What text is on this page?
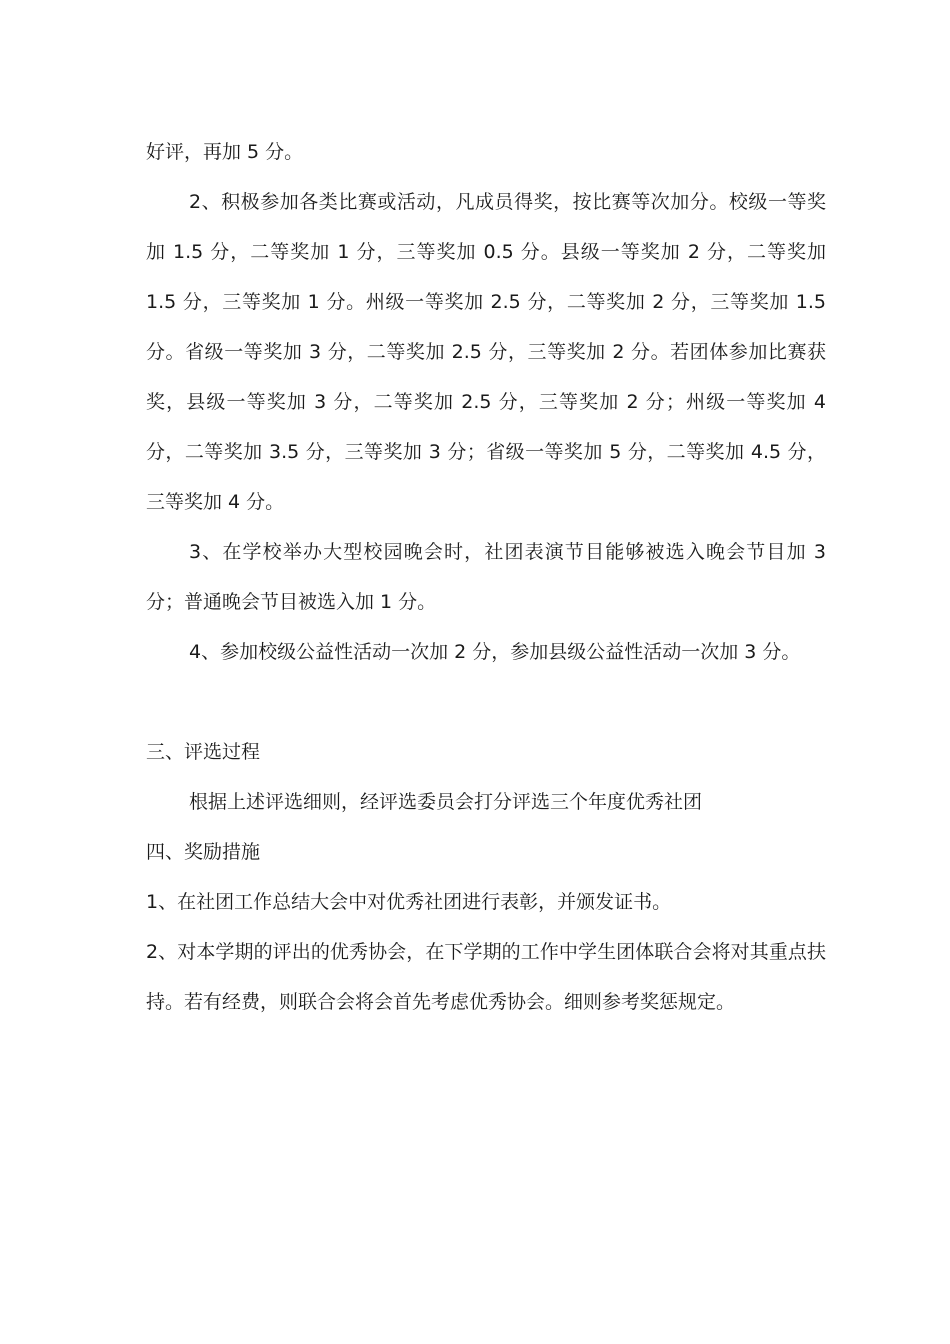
好评，再加 5 分。

2、积极参加各类比赛或活动，凡成员得奖，按比赛等次加分。校级一等奖加 1.5 分，二等奖加 1 分，三等奖加 0.5 分。县级一等奖加 2 分，二等奖加 1.5 分，三等奖加 1 分。州级一等奖加 2.5 分，二等奖加 2 分，三等奖加 1.5 分。省级一等奖加 3 分，二等奖加 2.5 分，三等奖加 2 分。若团体参加比赛获奖，县级一等奖加 3 分，二等奖加 2.5 分，三等奖加 2 分；州级一等奖加 4 分，二等奖加 3.5 分，三等奖加 3 分；省级一等奖加 5 分，二等奖加 4.5 分，三等奖加 4 分。

3、在学校举办大型校园晚会时，社团表演节目能够被选入晚会节目加 3 分；普通晚会节目被选入加 1 分。

4、参加校级公益性活动一次加 2 分，参加县级公益性活动一次加 3 分。

三、评选过程

根据上述评选细则，经评选委员会打分评选三个年度优秀社团

四、奖励措施

1、在社团工作总结大会中对优秀社团进行表彰，并颁发证书。

2、对本学期的评出的优秀协会，在下学期的工作中学生团体联合会将对其重点扶持。若有经费，则联合会将会首先考虑优秀协会。细则参考奖惩规定。
